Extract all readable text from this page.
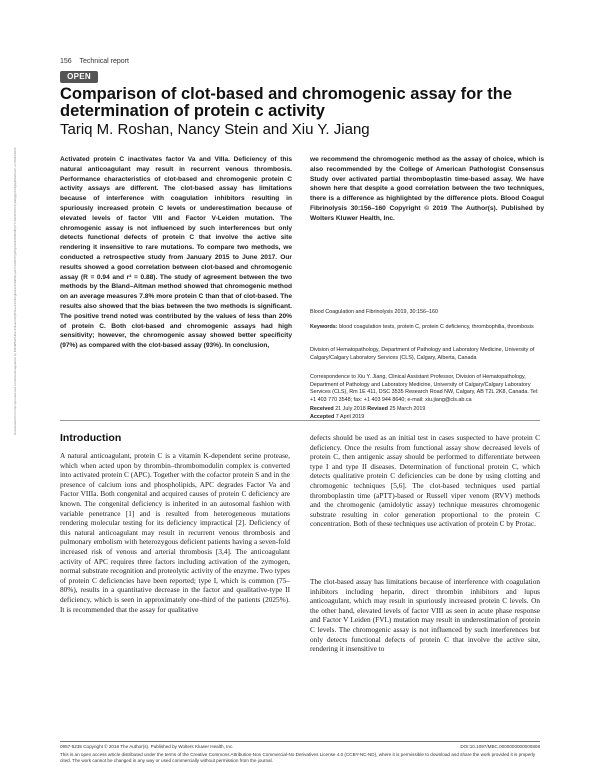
Downloaded from http://journals.lww.com/bloodcoagulation by BhDMf5ePHKav1zEoum1tQfN4a+kJLhEZgbsIHo4XMi0hCywCX1AWnYQp/IlQrHD3i3D0OdRyi7TvSFl4Cf3VC1y0abggQZXdgGj2MwlZLeI= on 08/22/2024
156 Technical report
OPEN
Comparison of clot-based and chromogenic assay for the determination of protein c activity
Tariq M. Roshan, Nancy Stein and Xiu Y. Jiang

Activated protein C inactivates factor Va and VIIIa. Deficiency of this natural anticoagulant may result in recurrent venous thrombosis. Performance characteristics of clot-based and chromogenic protein C activity assays are different. The clot-based assay has limitations because of interference with coagulation inhibitors resulting in spuriously increased protein C levels or underestimation because of elevated levels of factor VIII and Factor V-Leiden mutation. The chromogenic assay is not influenced by such interferences but only detects functional defects of protein C that involve the active site rendering it insensitive to rare mutations. To compare two methods, we conducted a retrospective study from January 2015 to June 2017. Our results showed a good correlation between clot-based and chromogenic assay (R = 0.94 and r² = 0.88). The study of agreement between the two methods by the Bland–Altman method showed that chromogenic method on an average measures 7.8% more protein C than that of clot-based. The results also showed that the bias between the two methods is significant. The positive trend noted was contributed by the values of less than 20% of protein C. Both clot-based and chromogenic assays had high sensitivity; however, the chromogenic assay showed better specificity (97%) as compared with the clot-based assay (93%). In conclusion,

we recommend the chromogenic method as the assay of choice, which is also recommended by the College of American Pathologist Consensus Study over activated partial thromboplastin time-based assay. We have shown here that despite a good correlation between the two techniques, there is a difference as highlighted by the difference plots. Blood Coagul Fibrinolysis 30:156–160 Copyright © 2019 The Author(s). Published by Wolters Kluwer Health, Inc.

Blood Coagulation and Fibrinolysis 2019, 30:156–160
Keywords: blood coagulation tests, protein C, protein C deficiency, thrombophilia, thrombosis
Division of Hematopathology, Department of Pathology and Laboratory Medicine, University of Calgary/Calgary Laboratory Services (CLS), Calgary, Alberta, Canada
Correspondence to Xiu Y. Jiang, Clinical Assistant Professor, Division of Hematopathology, Department of Pathology and Laboratory Medicine, University of Calgary/Calgary Laboratory Services (CLS), Rm 1E 411, DSC 3535 Research Road NW, Calgary, AB T2L 2K8, Canada. Tel: +1 403 770 3548; fax: +1 403 944 8640; e-mail: xiu.jiang@cls.ab.ca
Received 21 July 2018 Revised 25 March 2019
Accepted 7 April 2019
Introduction

A natural anticoagulant, protein C is a vitamin K-dependent serine protease, which when acted upon by thrombin–thrombomodulin complex is converted into activated protein C (APC). Together with the cofactor protein S and in the presence of calcium ions and phospholipids, APC degrades Factor Va and Factor VIIIa. Both congenital and acquired causes of protein C deficiency are known. The congenital deficiency is inherited in an autosomal fashion with variable penetrance [1] and is resulted from heterogeneous mutations rendering molecular testing for its deficiency impractical [2]. Deficiency of this natural anticoagulant may result in recurrent venous thrombosis and pulmonary embolism with heterozygous deficient patients having a seven-fold increased risk of venous and arterial thrombosis [3,4]. The anticoagulant activity of APC requires three factors including activation of the zymogen, normal substrate recognition and proteolytic activity of the enzyme. Two types of protein C deficiencies have been reported; type I, which is common (75–80%), results in a quantitative decrease in the factor and qualitative-type II deficiency, which is seen in approximately one-third of the patients (2025%). It is recommended that the assay for qualitative

defects should be used as an initial test in cases suspected to have protein C deficiency. Once the results from functional assay show decreased levels of protein C, then antigenic assay should be performed to differentiate between type I and type II diseases. Determination of functional protein C, which detects qualitative protein C deficiencies can be done by using clotting and chromogenic techniques [5,6]. The clot-based techniques used partial thromboplastin time (aPTT)-based or Russell viper venom (RVV) methods and the chromogenic (amidolytic assay) technique measures chromogenic substrate resulting in color generation proportional to the protein C concentration. Both of these techniques use activation of protein C by Protac.

The clot-based assay has limitations because of interference with coagulation inhibitors including heparin, direct thrombin inhibitors and lupus anticoagulant, which may result in spuriously increased protein C levels. On the other hand, elevated levels of factor VIII as seen in acute phase response and Factor V Leiden (FVL) mutation may result in underestimation of protein C levels. The chromogenic assay is not influenced by such interferences but only detects functional defects of protein C that involve the active site, rendering it insensitive to

0957-5235 Copyright © 2019 The Author(s). Published by Wolters Kluwer Health, Inc.	DOI:10.1097/MBC.0000000000000808
This is an open access article distributed under the terms of the Creative Commons Attribution-Non Commercial-No Derivatives License 4.0 (CCBY-NC-ND), where it is permissible to download and share the work provided it is properly cited. The work cannot be changed in any way or used commercially without permission from the journal.
